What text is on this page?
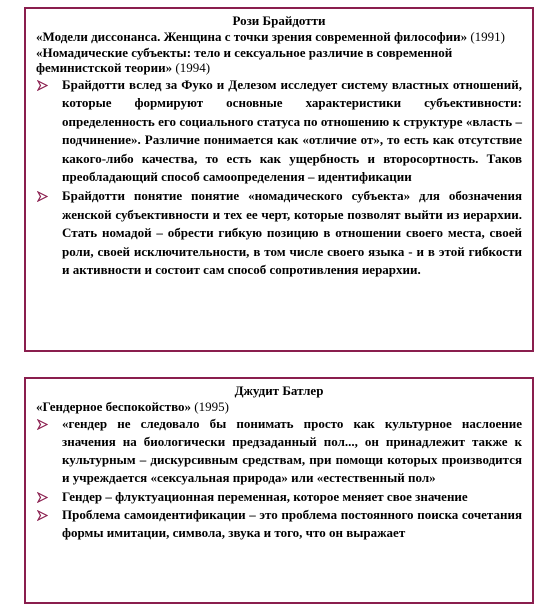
Рози Брайдотти

«Модели диссонанса. Женщина с точки зрения современной философии» (1991)

«Номадические субъекты: тело и сексуальное различие в современной феминистской теории» (1994)

Брайдотти вслед за Фуко и Делезом исследует систему властных отношений, которые формируют основные характеристики субъективности: определенность его социального статуса по отношению к структуре «власть – подчинение». Различие понимается как «отличие от», то есть как отсутствие какого-либо качества, то есть как ущербность и второсортность. Таков преобладающий способ самоопределения – идентификации
Брайдотти понятие понятие «номадического субъекта» для обозначения женской субъективности и тех ее черт, которые позволят выйти из иерархии. Стать номадой – обрести гибкую позицию в отношении своего места, своей роли, своей исключительности, в том числе своего языка - и в этой гибкости и активности и состоит сам способ сопротивления иерархии.

Джудит Батлер

«Гендерное беспокойство» (1995)

«гендер не следовало бы понимать просто как культурное наслоение значения на биологически предзаданный пол..., он принадлежит также к культурным – дискурсивным средствам, при помощи которых производится и учреждается «сексуальная природа» или «естественный пол»
Гендер – флуктуационная переменная, которое меняет свое значение
Проблема самоидентификации – это проблема постоянного поиска сочетания формы имитации, символа, звука и того, что он выражает
